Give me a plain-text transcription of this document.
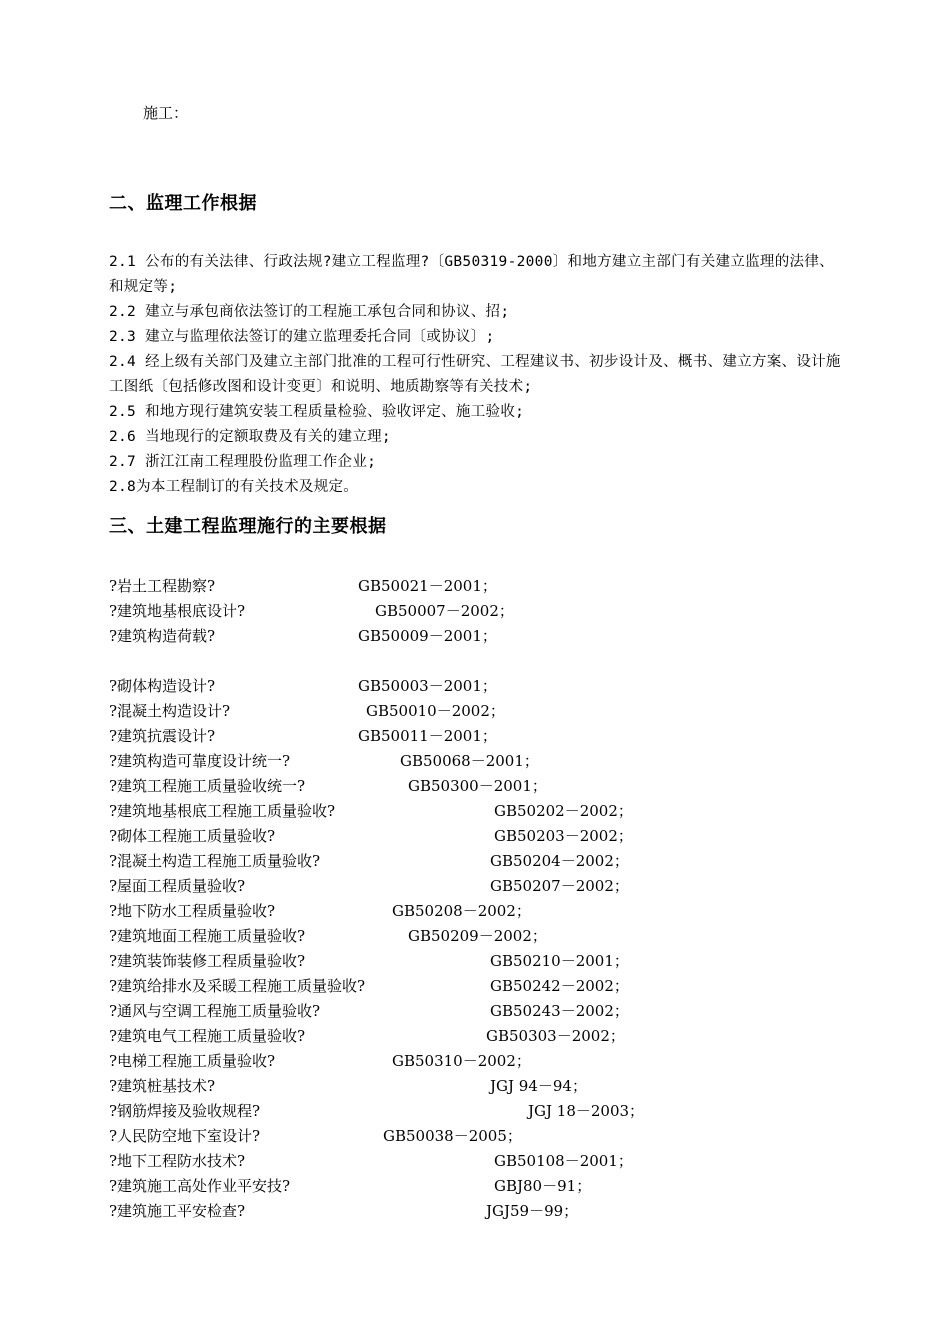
施工：
二、监理工作根据

2.1 公布的有关法律、行政法规?建立工程监理?〔GB50319-2000〕和地方建立主部门有关建立监理的法律、和规定等;

2.2 建立与承包商依法签订的工程施工承包合同和协议、招;

2.3 建立与监理依法签订的建立监理委托合同〔或协议〕;

2.4 经上级有关部门及建立主部门批准的工程可行性研究、工程建议书、初步设计及、概书、建立方案、设计施工图纸〔包括修改图和设计变更〕和说明、地质勘察等有关技术;

2.5 和地方现行建筑安装工程质量检验、验收评定、施工验收;

2.6 当地现行的定额取费及有关的建立理;

2.7 浙江江南工程理股份监理工作企业;

2.8为本工程制订的有关技术及规定。

三、土建工程监理施行的主要根据
?岩土工程勘察?	GB50021－2001；
?建筑地基根底设计?	GB50007－2002；
?建筑构造荷载?	GB50009－2001；
?砌体构造设计?	GB50003－2001；
?混凝土构造设计?	GB50010－2002；
?建筑抗震设计?	GB50011－2001；
?建筑构造可靠度设计统一?	GB50068－2001；
?建筑工程施工质量验收统一?	GB50300－2001；
?建筑地基根底工程施工质量验收?	GB50202－2002；
?砌体工程施工质量验收?	GB50203－2002；
?混凝土构造工程施工质量验收?	GB50204－2002；
?屋面工程质量验收?	GB50207－2002；
?地下防水工程质量验收?	GB50208－2002；
?建筑地面工程施工质量验收?	GB50209－2002；
?建筑装饰装修工程质量验收?	GB50210－2001；
?建筑给排水及采暖工程施工质量验收?	GB50242－2002；
?通风与空调工程施工质量验收?	GB50243－2002；
?建筑电气工程施工质量验收?	GB50303－2002；
?电梯工程施工质量验收?	GB50310－2002；
?建筑桩基技术?	JGJ 94－94；
?钢筋焊接及验收规程?	JGJ 18－2003；
?人民防空地下室设计?	GB50038－2005；
?地下工程防水技术?	GB50108－2001；
?建筑施工高处作业平安技?	GBJ80－91；
?建筑施工平安检查?	JGJ59－99；
